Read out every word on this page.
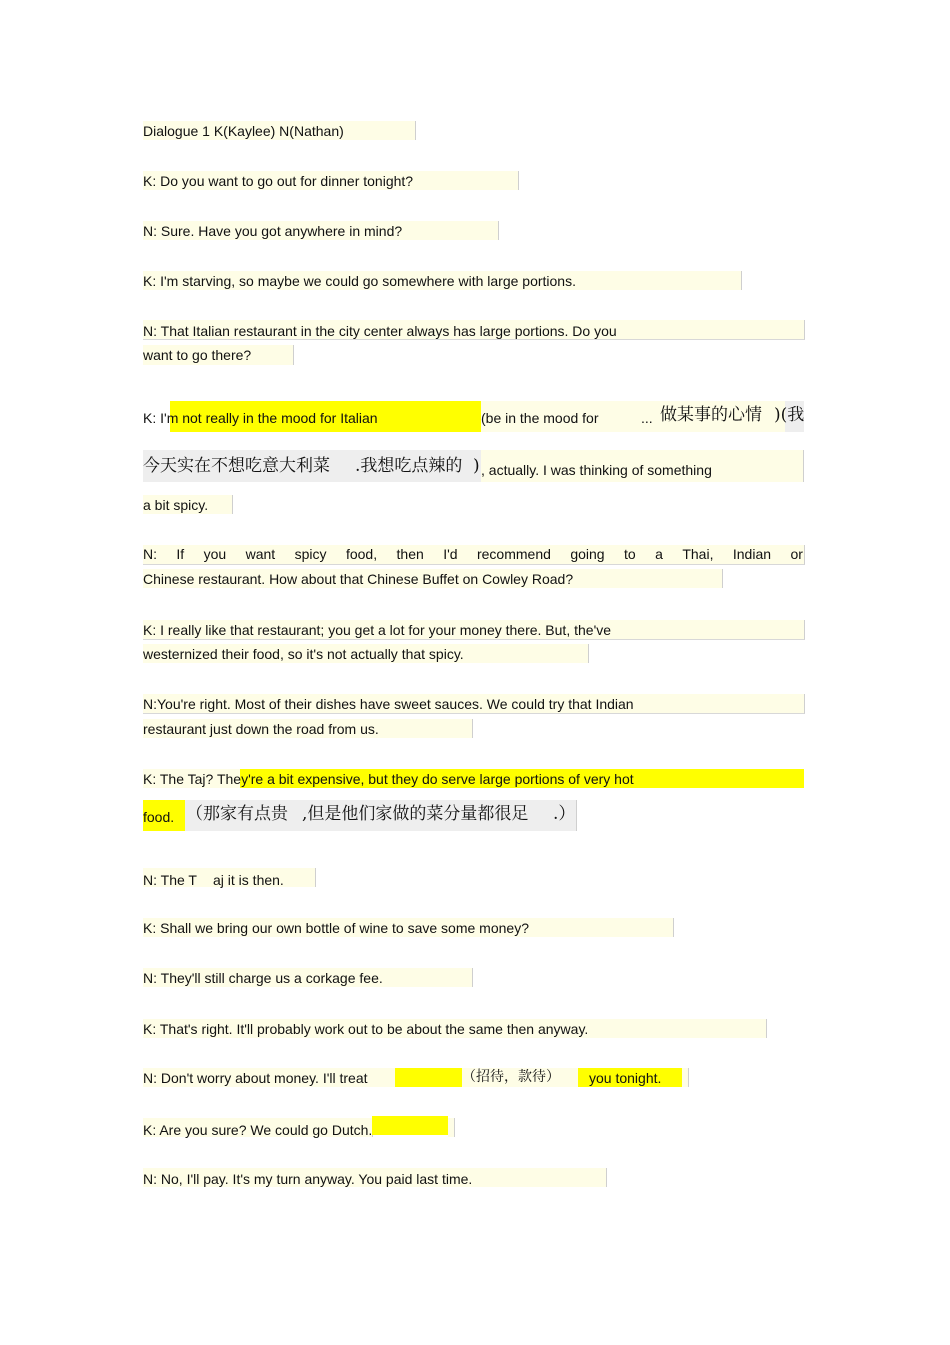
Dialogue 1 K(Kaylee) N(Nathan)
K: Do you want to go out for dinner tonight?
N: Sure. Have you got anywhere in mind?
K: I'm starving, so maybe we could go somewhere with large portions.
N: That Italian restaurant in the city center always has large portions. Do you
want to go there?
K: I'm not really in the mood for Italian	(be in the mood for	... 做某事的心情 )(我
今天实在不想吃意大利菜 .我想吃点辣的 ) , actually. I was thinking of something
a bit spicy.
N: If you want spicy food, then I'd recommend going to a Thai, Indian or
Chinese restaurant. How about that Chinese Buffet on Cowley Road?
K: I really like that restaurant; you get a lot for your money there. But, the've
westernized their food, so it's not actually that spicy.
N:You're right. Most of their dishes have sweet sauces. We could try that Indian
restaurant just down the road from us.
K: The Taj? They're a bit expensive, but they do serve large portions of very hot
food. （那家有点贵 ,但是他们家做的菜分量都很足 .）
N: The T aj it is then.
K: Shall we bring our own bottle of wine to save some money?
N: They'll still charge us a corkage fee.
K: That's right. It'll probably work out to be about the same then anyway.
N: Don't worry about money. I'll treat	（招待，款待） you tonight.
K: Are you sure? We could go Dutch.
N: No, I'll pay. It's my turn anyway. You paid last time.
